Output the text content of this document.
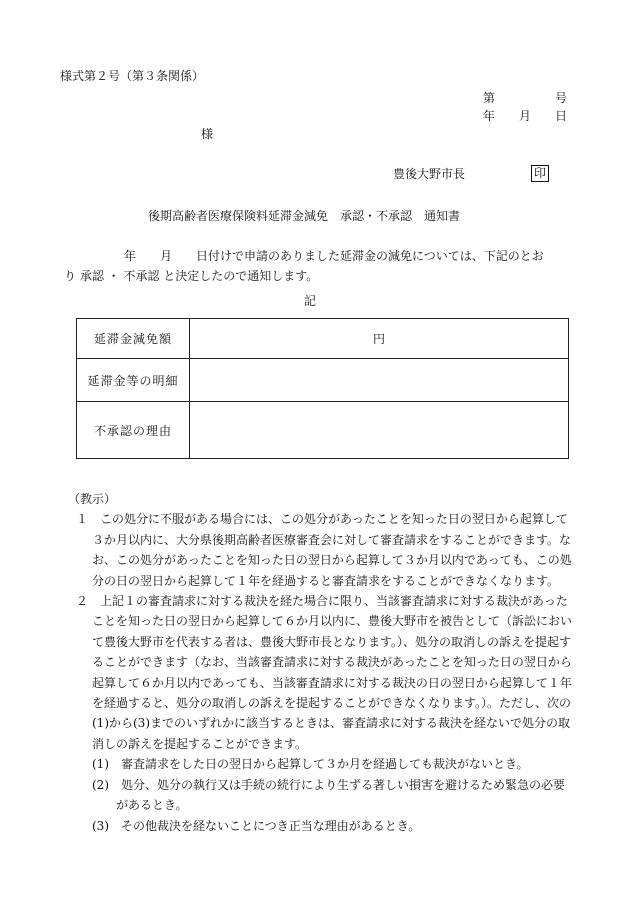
様式第２号（第３条関係）
第　　　　　号
年　　月　　日
様
豊後大野市長	印
後期高齢者医療保険料延滞金減免　承認・不承認　通知書
年　　月　　日付けで申請のありました延滞金の減免については、下記のとお
り 承認 ・ 不承認 と決定したので通知します。
記
延滞金減免額	円
延滞金等の明細	
不承認の理由	

（教示）

１　この処分に不服がある場合には、この処分があったことを知った日の翌日から起算して３か月以内に、大分県後期高齢者医療審査会に対して審査請求をすることができます。なお、この処分があったことを知った日の翌日から起算して３か月以内であっても、この処分の日の翌日から起算して１年を経過すると審査請求をすることができなくなります。

２　上記１の審査請求に対する裁決を経た場合に限り、当該審査請求に対する裁決があったことを知った日の翌日から起算して６か月以内に、豊後大野市を被告として（訴訟において豊後大野市を代表する者は、豊後大野市長となります。）、処分の取消しの訴えを提起することができます（なお、当該審査請求に対する裁決があったことを知った日の翌日から起算して６か月以内であっても、当該審査請求に対する裁決の日の翌日から起算して１年を経過すると、処分の取消しの訴えを提起することができなくなります。）。ただし、次の(1)から(3)までのいずれかに該当するときは、審査請求に対する裁決を経ないで処分の取消しの訴えを提起することができます。

(1)　審査請求をした日の翌日から起算して３か月を経過しても裁決がないとき。

(2)　処分、処分の執行又は手続の続行により生ずる著しい損害を避けるため緊急の必要があるとき。

(3)　その他裁決を経ないことにつき正当な理由があるとき。
